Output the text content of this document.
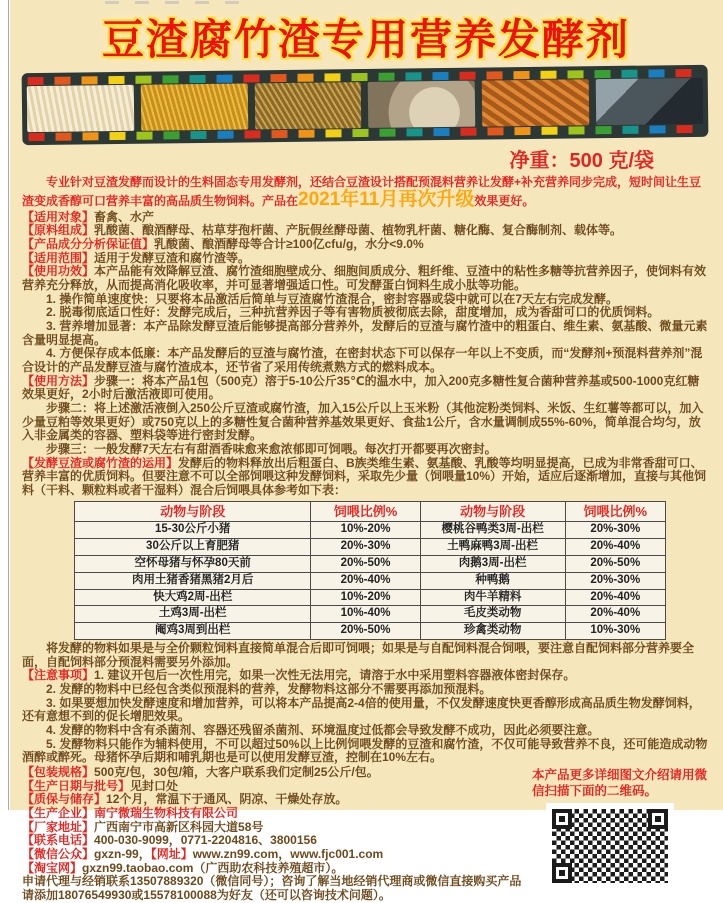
豆渣腐竹渣专用营养发酵剂
净重：500 克/袋

专业针对豆渣发酵而设计的生料固态专用发酵剂，还结合豆渣设计搭配预混料营养让发酵+补充营养同步完成，短时间让生豆渣变成香醇可口营养丰富的高品质生物饲料。产品在2021年11月再次升级效果更好。

【适用对象】畜禽、水产
【原料组成】乳酸菌、酿酒酵母、枯草芽孢杆菌、产朊假丝酵母菌、植物乳杆菌、糖化酶、复合酶制剂、载体等。
【产品成分分析保证值】乳酸菌、酿酒酵母等合计≥100亿cfu/g，水分<9.0%
【适用范围】适用于发酵豆渣和腐竹渣等。
【使用功效】本产品能有效降解豆渣、腐竹渣细胞壁成分、细胞间质成分、粗纤维、豆渣中的粘性多糖等抗营养因子，使饲料有效营养充分释放，从而提高消化吸收率，并可显著增强适口性。可发酵蛋白饲料生成小肽等功能。
1. 操作简单速度快：只要将本品激活后简单与豆渣腐竹渣混合，密封容器或袋中就可以在7天左右完成发酵。
2. 脱毒彻底适口性好：发酵完成后，三种抗营养因子等有害物质被彻底去除，甜度增加，成为香甜可口的优质饲料。
3. 营养增加显著：本产品除发酵豆渣后能够提高部分营养外，发酵后的豆渣与腐竹渣中的粗蛋白、维生素、氨基酸、微量元素含量明显提高。
4. 方便保存成本低廉：本产品发酵后的豆渣与腐竹渣，在密封状态下可以保存一年以上不变质，而“发酵剂+预混料营养剂”混合设计的产品发酵豆渣与腐竹渣成本，还节省了采用传统煮熟方式的燃料成本。
【使用方法】步骤一：将本产品1包（500克）溶于5-10公斤35℃的温水中，加入200克多糖性复合菌种营养基或500-1000克红糖效果更好，2小时后激活液即可使用。
步骤二：将上述激活液倒入250公斤豆渣或腐竹渣，加入15公斤以上玉米粉（其他淀粉类饲料、米饭、生红薯等都可以，加入少量豆粕等效果更好）或750克以上的多糖性复合菌种营养基效果更好、食盐1公斤，含水量调制成55%-60%，简单混合均匀，放入非金属类的容器、塑料袋等进行密封发酵。
步骤三：一般发酵7天左右有甜酒香味愈来愈浓郁即可饲喂。每次打开都要再次密封。
【发酵豆渣或腐竹渣的运用】发酵后的物料释放出后粗蛋白、B族类维生素、氨基酸、乳酸等均明显提高，已成为非常香甜可口、营养丰富的优质饲料。但要注意不可以全部饲喂这种发酵饲料，采取先少量（饲喂量10%）开始，适应后逐渐增加，直接与其他饲料（干料、颗粒料或者干湿料）混合后饲喂具体参考如下表：
动物与阶段	饲喂比例%	动物与阶段	饲喂比例%
15-30公斤小猪	10%-20%	樱桃谷鸭类3周-出栏	20%-30%
30公斤以上育肥猪	20%-30%	土鸭麻鸭3周-出栏	20%-40%
空怀母猪与怀孕80天前	20%-50%	肉鹅3周-出栏	20%-50%
肉用土猪香猪黑猪2月后	20%-40%	种鸭鹅	20%-30%
快大鸡2周-出栏	10%-20%	肉牛羊精料	20%-40%
土鸡3周-出栏	10%-40%	毛皮类动物	20%-40%
阉鸡3周到出栏	20%-50%	珍禽类动物	10%-30%
将发酵的物料如果是与全价颗粒饲料直接简单混合后即可饲喂；如果是与自配饲料混合饲喂，要注意自配饲料部分营养要全面，自配饲料部分预混料需要另外添加。
【注意事项】1. 建议开包后一次性用完，如果一次性无法用完，请溶于水中采用塑料容器液体密封保存。
2. 发酵的物料中已经包含类似预混料的营养，发酵物料这部分不需要再添加预混料。
3. 如果要想加快发酵速度和增加营养，可以将本产品提高2-4倍的使用量，不仅发酵速度快更香醇形成高品质生物发酵饲料，还有意想不到的促长增肥效果。
4. 发酵的物料中含有杀菌剂、容器还残留杀菌剂、环境温度过低都会导致发酵不成功，因此必须要注意。
5. 发酵物料只能作为辅料使用，不可以超过50%以上比例饲喂发酵的豆渣和腐竹渣，不仅可能导致营养不良，还可能造成动物酒醉或醉死。母猪怀孕后期和哺乳期也是可以使用发酵豆渣，控制在10%左右。
【包装规格】500克/包，30包/箱，大客户联系我们定制25公斤/包。
【生产日期与批号】见封口处
【质保与储存】12个月，常温下于通风、阴凉、干燥处存放。
【生产企业】南宁微瑞生物科技有限公司
【厂家地址】广西南宁市高新区科园大道58号
【联系电话】400-030-9099，0771-2204816、3800156
【微信公众】gxzn-99，【网址】www.zn99.com，www.fjc001.com
【淘宝网】gxzn99.taobao.com（广西助农科技养殖超市）。
申请代理与经销联系13507889320（微信同号）；咨询了解当地经销代理商或微信直接购买产品请添加18076549930或15578100088为好友（还可以咨询技术问题）。
本产品更多详细图文介绍请用微信扫描下面的二维码。
